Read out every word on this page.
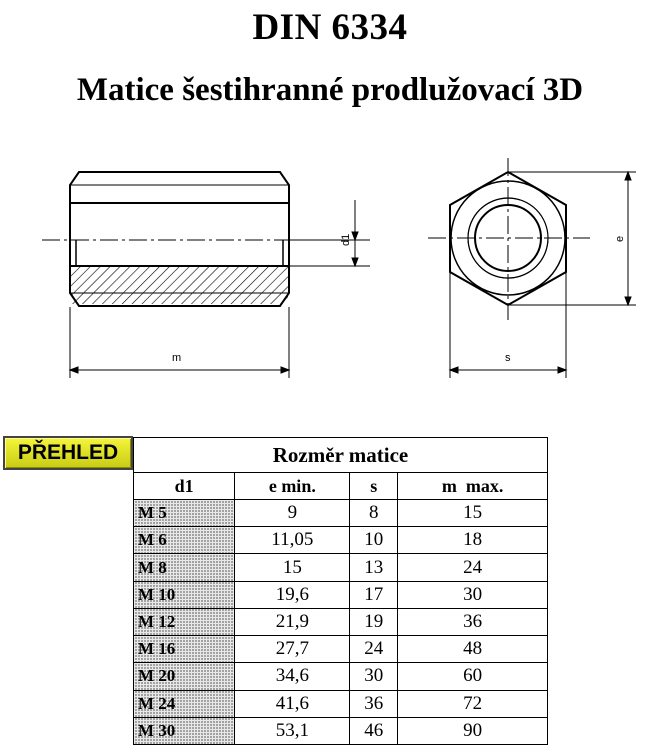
DIN 6334
Matice šestihranné prodlužovací 3D
d1
m
e
s
PŘEHLED	Rozměr matice			
d1	e min.	s	m  max.
M 5	9	8	15
M 6	11,05	10	18
M 8	15	13	24
M 10	19,6	17	30
M 12	21,9	19	36
M 16	27,7	24	48
M 20	34,6	30	60
M 24	41,6	36	72
M 30	53,1	46	90
